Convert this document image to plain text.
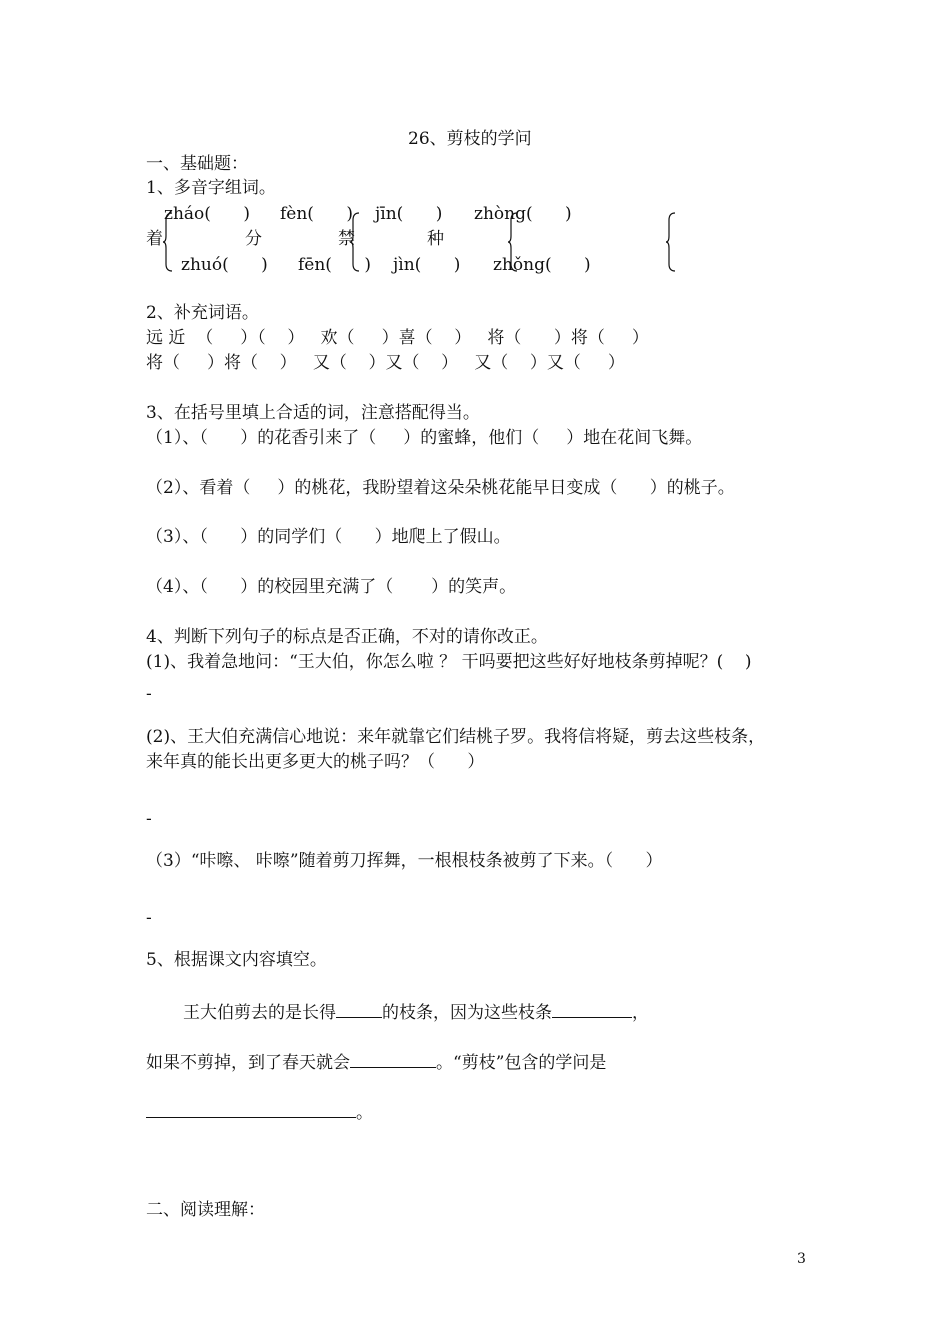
26、剪枝的学问
一、基础题：
1、多音字组词。
zháo(      ) fèn(      ) jīn(      ) zhòng(      )
着	分	禁	种
zhuó(      ) fēn(      ) jìn(      ) zhǒng(      )
2、补充词语。
远 近  （     ）（    ）   欢（     ）喜（    ）   将（      ）将（     ）
将（     ）将（    ）   又（    ）又（    ）   又（    ）又（     ）
3、在括号里填上合适的词，注意搭配得当。
（1）、（      ）的花香引来了（     ）的蜜蜂，他们（     ）地在花间飞舞。
（2）、看着（     ）的桃花，我盼望着这朵朵桃花能早日变成（      ）的桃子。
（3）、（      ）的同学们（      ）地爬上了假山。
（4）、（      ）的校园里充满了（       ）的笑声。
4、判断下列句子的标点是否正确，不对的请你改正。
(1)、我着急地问：“王大伯，你怎么啦 ？ 干吗要把这些好好地枝条剪掉呢？(    )
-
(2)、王大伯充满信心地说：来年就靠它们结桃子罗。我将信将疑，剪去这些枝条，
来年真的能长出更多更大的桃子吗？（      ）
-
（3）“咔嚓、 咔嚓”随着剪刀挥舞，一根根枝条被剪了下来。（      ）
-
5、根据课文内容填空。
王大伯剪去的是长得	的枝条，因为这些枝条	，
如果不剪掉，到了春天就会	。“剪枝”包含的学问是
。
二、阅读理解：
3
